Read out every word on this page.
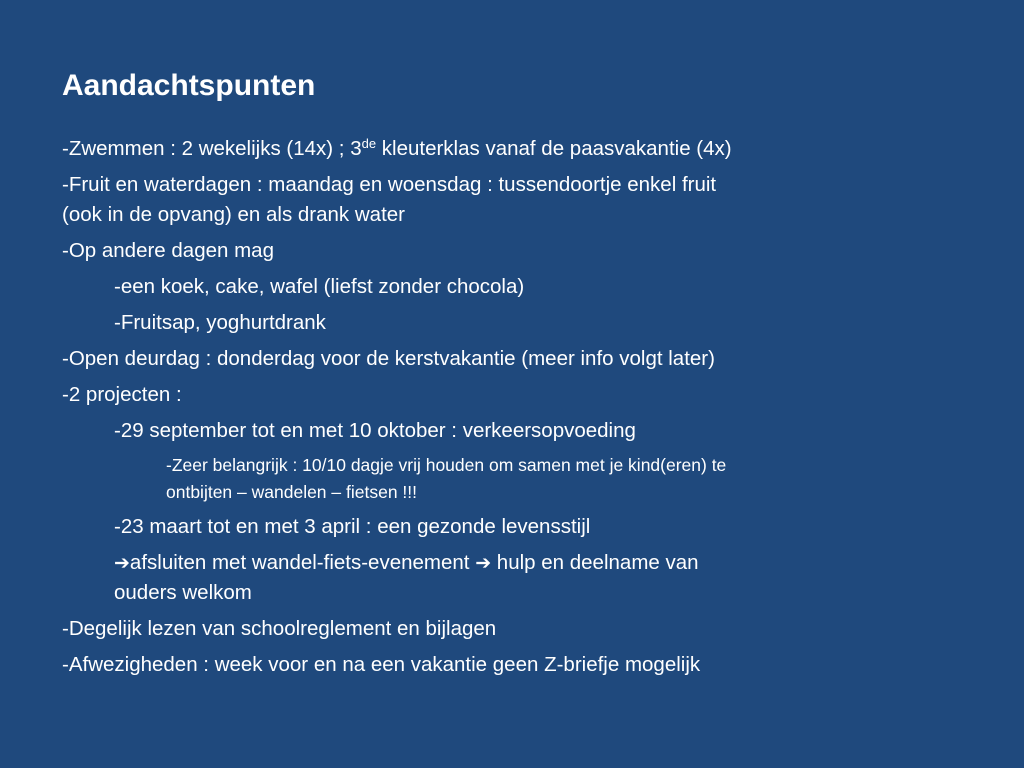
Aandachtspunten
-Zwemmen : 2 wekelijks (14x) ; 3de kleuterklas vanaf de paasvakantie (4x)
-Fruit en waterdagen : maandag en woensdag : tussendoortje enkel fruit
(ook in de opvang) en als drank water
-Op andere dagen mag
-een koek, cake, wafel (liefst zonder chocola)
-Fruitsap, yoghurtdrank
-Open deurdag : donderdag voor de kerstvakantie (meer info volgt later)
-2 projecten :
-29 september tot en met 10 oktober : verkeersopvoeding
-Zeer belangrijk : 10/10 dagje vrij houden om samen met je kind(eren) te
ontbijten – wandelen – fietsen !!!
-23 maart tot en met 3 april : een gezonde levensstijl
➔afsluiten met wandel-fiets-evenement ➔ hulp en deelname van
ouders welkom
-Degelijk lezen van schoolreglement en bijlagen
-Afwezigheden : week voor en na een vakantie geen Z-briefje mogelijk
